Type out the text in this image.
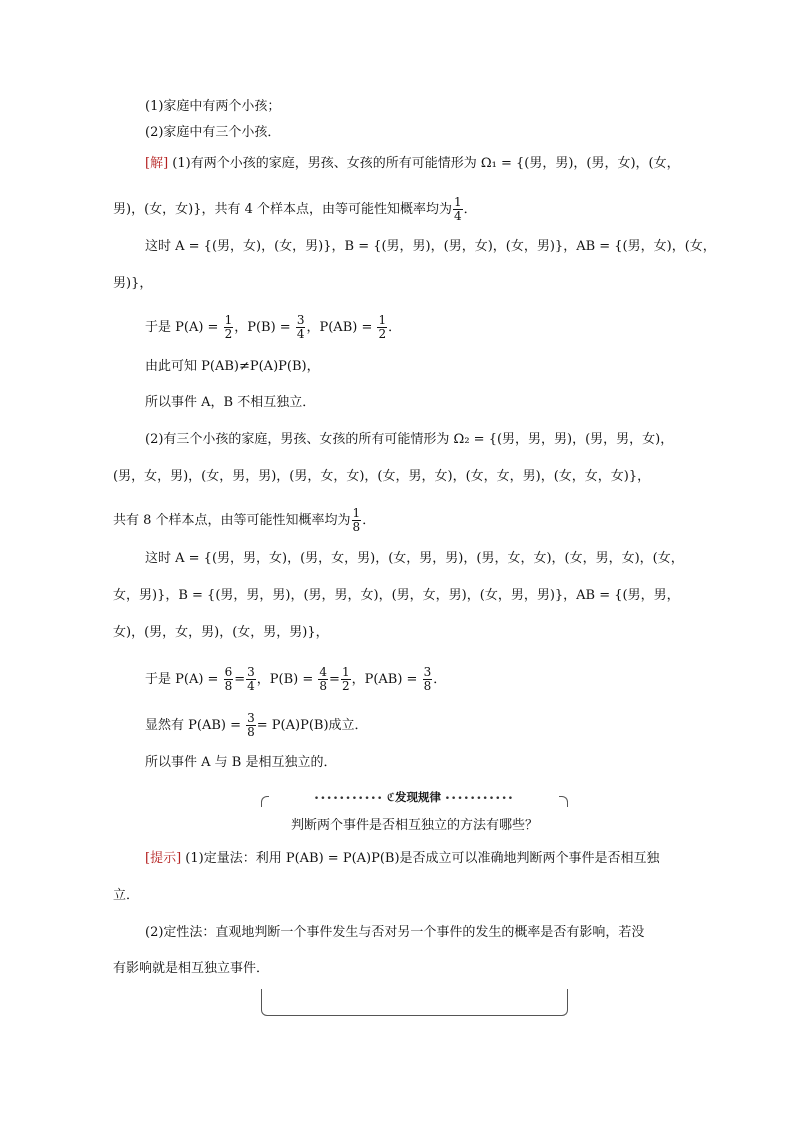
(1)家庭中有两个小孩；
(2)家庭中有三个小孩．
[解] (1)有两个小孩的家庭，男孩、女孩的所有可能情形为 Ω₁ = {(男，男)，(男，女)，(女，
男)，(女，女)}，共有 4 个样本点，由等可能性知概率均为 $\frac{1}{4}$ ．
这时 A = {(男，女)，(女，男)}，B = {(男，男)，(男，女)，(女，男)}，AB = {(男，女)，(女，
男)}，
于是 $P(A) = \frac{1}{2}$ ，$P(B) = \frac{3}{4}$ ，$P(AB) = \frac{1}{2}$ ．
由此可知 P(AB)≠P(A)P(B)，
所以事件 A，B 不相互独立．
(2)有三个小孩的家庭，男孩、女孩的所有可能情形为 Ω₂ = {(男，男，男)，(男，男，女)，
(男，女，男)，(女，男，男)，(男，女，女)，(女，男，女)，(女，女，男)，(女，女，女)}，
共有 8 个样本点，由等可能性知概率均为 $\frac{1}{8}$ ．
这时 A = {(男，男，女)，(男，女，男)，(女，男，男)，(男，女，女)，(女，男，女)，(女，
女，男)}，B = {(男，男，男)，(男，男，女)，(男，女，男)，(女，男，男)}，AB = {(男，男，
女)，(男，女，男)，(女，男，男)}，
于是 $P(A) = \frac{6}{8} = \frac{3}{4}$ ，$P(B) = \frac{4}{8} = \frac{1}{2}$ ，$P(AB) = \frac{3}{8}$ ．
显然有 $P(AB) = \frac{3}{8} = P(A)P(B)$成立．
所以事件 A 与 B 是相互独立的．
••••••••••• ℭ发现规律 •••••••••••
判断两个事件是否相互独立的方法有哪些？
[提示] (1)定量法：利用 P(AB) = P(A)P(B)是否成立可以准确地判断两个事件是否相互独
立．
(2)定性法：直观地判断一个事件发生与否对另一个事件的发生的概率是否有影响，若没
有影响就是相互独立事件．
